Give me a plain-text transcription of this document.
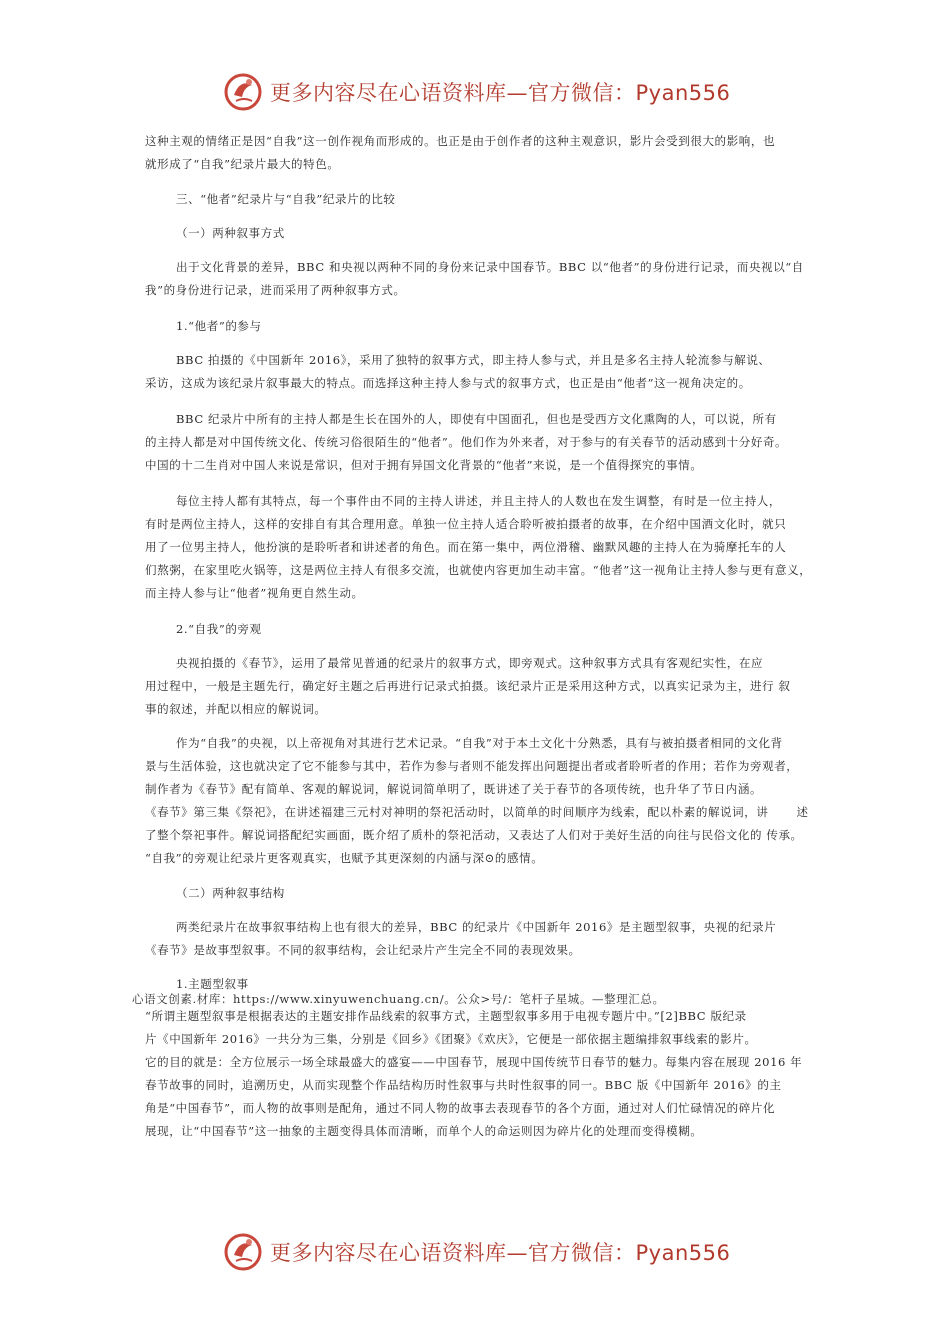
更多内容尽在心语资料库—官方微信：Pyan556
这种主观的情绪正是因“自我”这一创作视角而形成的。也正是由于创作者的这种主观意识，影片会受到很大的影响，也
就形成了“自我”纪录片最大的特色。
三、“他者”纪录片与“自我”纪录片的比较
（一）两种叙事方式
出于文化背景的差异，BBC 和央视以两种不同的身份来记录中国春节。BBC 以“他者”的身份进行记录，而央视以“自
我”的身份进行记录，进而采用了两种叙事方式。
1.“他者”的参与
BBC 拍摄的《中国新年 2016》，采用了独特的叙事方式，即主持人参与式，并且是多名主持人轮流参与解说、
采访，这成为该纪录片叙事最大的特点。而选择这种主持人参与式的叙事方式，也正是由“他者”这一视角决定的。
BBC 纪录片中所有的主持人都是生长在国外的人，即使有中国面孔，但也是受西方文化熏陶的人，可以说，所有
的主持人都是对中国传统文化、传统习俗很陌生的“他者”。他们作为外来者，对于参与的有关春节的活动感到十分好奇。
中国的十二生肖对中国人来说是常识，但对于拥有异国文化背景的“他者”来说，是一个值得探究的事情。
每位主持人都有其特点，每一个事件由不同的主持人讲述，并且主持人的人数也在发生调整，有时是一位主持人，
有时是两位主持人，这样的安排自有其合理用意。单独一位主持人适合聆听被拍摄者的故事，在介绍中国酒文化时，就只
用了一位男主持人，他扮演的是聆听者和讲述者的角色。而在第一集中，两位滑稽、幽默风趣的主持人在为骑摩托车的人
们熬粥，在家里吃火锅等，这是两位主持人有很多交流，也就使内容更加生动丰富。“他者”这一视角让主持人参与更有意义，
而主持人参与让“他者”视角更自然生动。
2.“自我”的旁观
央视拍摄的《春节》，运用了最常见普通的纪录片的叙事方式，即旁观式。这种叙事方式具有客观纪实性，在应
用过程中，一般是主题先行，确定好主题之后再进行记录式拍摄。该纪录片正是采用这种方式，以真实记录为主，进行 叙
事的叙述，并配以相应的解说词。
作为“自我”的央视，以上帝视角对其进行艺术记录。“自我”对于本土文化十分熟悉，具有与被拍摄者相同的文化背
景与生活体验，这也就决定了它不能参与其中，若作为参与者则不能发挥出问题提出者或者聆听者的作用；若作为旁观者，
制作者为《春节》配有简单、客观的解说词，解说词简单明了，既讲述了关于春节的各项传统，也升华了节日内涵。
《春节》第三集《祭祀》，在讲述福建三元村对神明的祭祀活动时，以简单的时间顺序为线索，配以朴素的解说词，讲 述
了整个祭祀事件。解说词搭配纪实画面，既介绍了质朴的祭祀活动，又表达了人们对于美好生活的向往与民俗文化的 传承。
“自我”的旁观让纪录片更客观真实，也赋予其更深刻的内涵与深⊙的感情。
（二）两种叙事结构
两类纪录片在故事叙事结构上也有很大的差异，BBC 的纪录片《中国新年 2016》是主题型叙事，央视的纪录片
《春节》是故事型叙事。不同的叙事结构，会让纪录片产生完全不同的表现效果。
1.主题型叙事
心语文创素.材库：https://www.xinyuwenchuang.cn/。公众>号/：笔杆子星城。—整理汇总。
“所谓主题型叙事是根据表达的主题安排作品线索的叙事方式，主题型叙事多用于电视专题片中。”[2]BBC 版纪录
片《中国新年 2016》一共分为三集，分别是《回乡》《团聚》《欢庆》，它便是一部依据主题编排叙事线索的影片。
它的目的就是：全方位展示一场全球最盛大的盛宴——中国春节，展现中国传统节日春节的魅力。每集内容在展现 2016 年
春节故事的同时，追溯历史，从而实现整个作品结构历时性叙事与共时性叙事的同一。BBC 版《中国新年 2016》的主
角是“中国春节”，而人物的故事则是配角，通过不同人物的故事去表现春节的各个方面，通过对人们忙碌情况的碎片化
展现，让“中国春节”这一抽象的主题变得具体而清晰，而单个人的命运则因为碎片化的处理而变得模糊。
更多内容尽在心语资料库—官方微信：Pyan556
